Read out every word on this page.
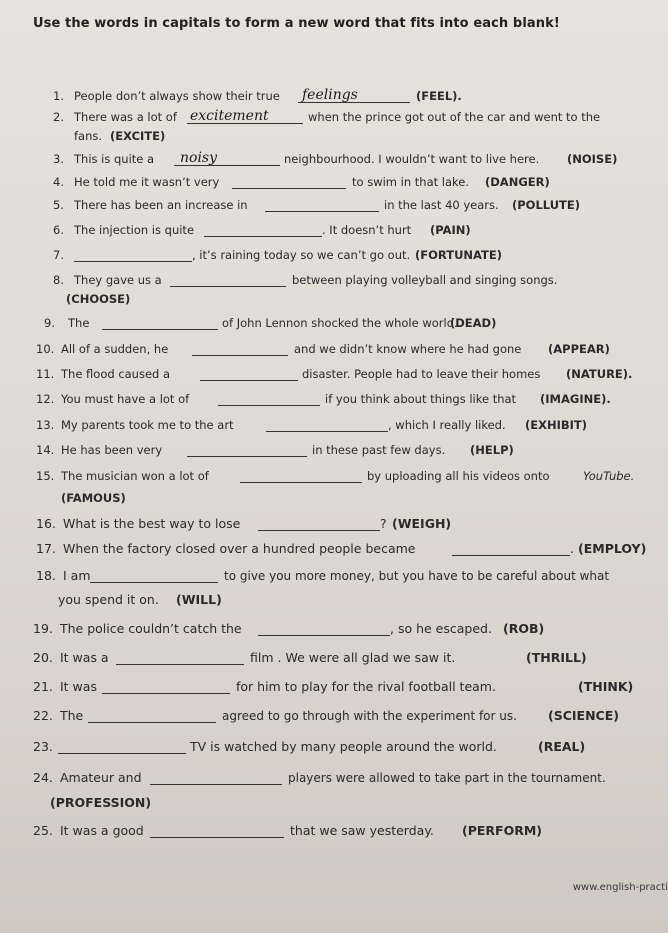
Use the words in capitals to form a new word that fits into each blank!
1. People don’t always show their true feelings	(FEEL).
2. There was a lot of excitement	when the prince got out of the car and went to the
fans. (EXCITE)
3. This is quite a noisy	neighbourhood. I wouldn’t want to live here. (NOISE)
4. He told me it wasn’t very	to swim in that lake. (DANGER)
5. There has been an increase in	in the last 40 years. (POLLUTE)
6. The injection is quite	. It doesn’t hurt (PAIN)
7.	, it’s raining today so we can’t go out. (FORTUNATE)
8. They gave us a	between playing volleyball and singing songs.
(CHOOSE)
9. The	of John Lennon shocked the whole world.
(DEAD)
10. All of a sudden, he	and we didn’t know where he had gone (APPEAR)
11. The flood caused a	disaster. People had to leave their homes (NATURE).
12. You must have a lot of	if you think about things like that (IMAGINE).
13. My parents took me to the art	, which I really liked. (EXHIBIT)
14. He has been very	in these past few days. (HELP)
15. The musician won a lot of	by uploading all his videos onto	YouTube.
(FAMOUS)
16. What is the best way to lose	? (WEIGH)
17. When the factory closed over a hundred people became	. (EMPLOY)
18. I am	to give you more money, but you have to be careful about what
you spend it on. (WILL)
19. The police couldn’t catch the	, so he escaped. (ROB)
20. It was a	film . We were all glad we saw it.	(THRILL)
21. It was	for him to play for the rival football team.	(THINK)
22. The	agreed to go through with the experiment for us. (SCIENCE)
23.	TV is watched by many people around the world.	(REAL)
24. Amateur and	players were allowed to take part in the tournament.
(PROFESSION)
25. It was a good	that we saw yesterday. (PERFORM)
www.english-practi
